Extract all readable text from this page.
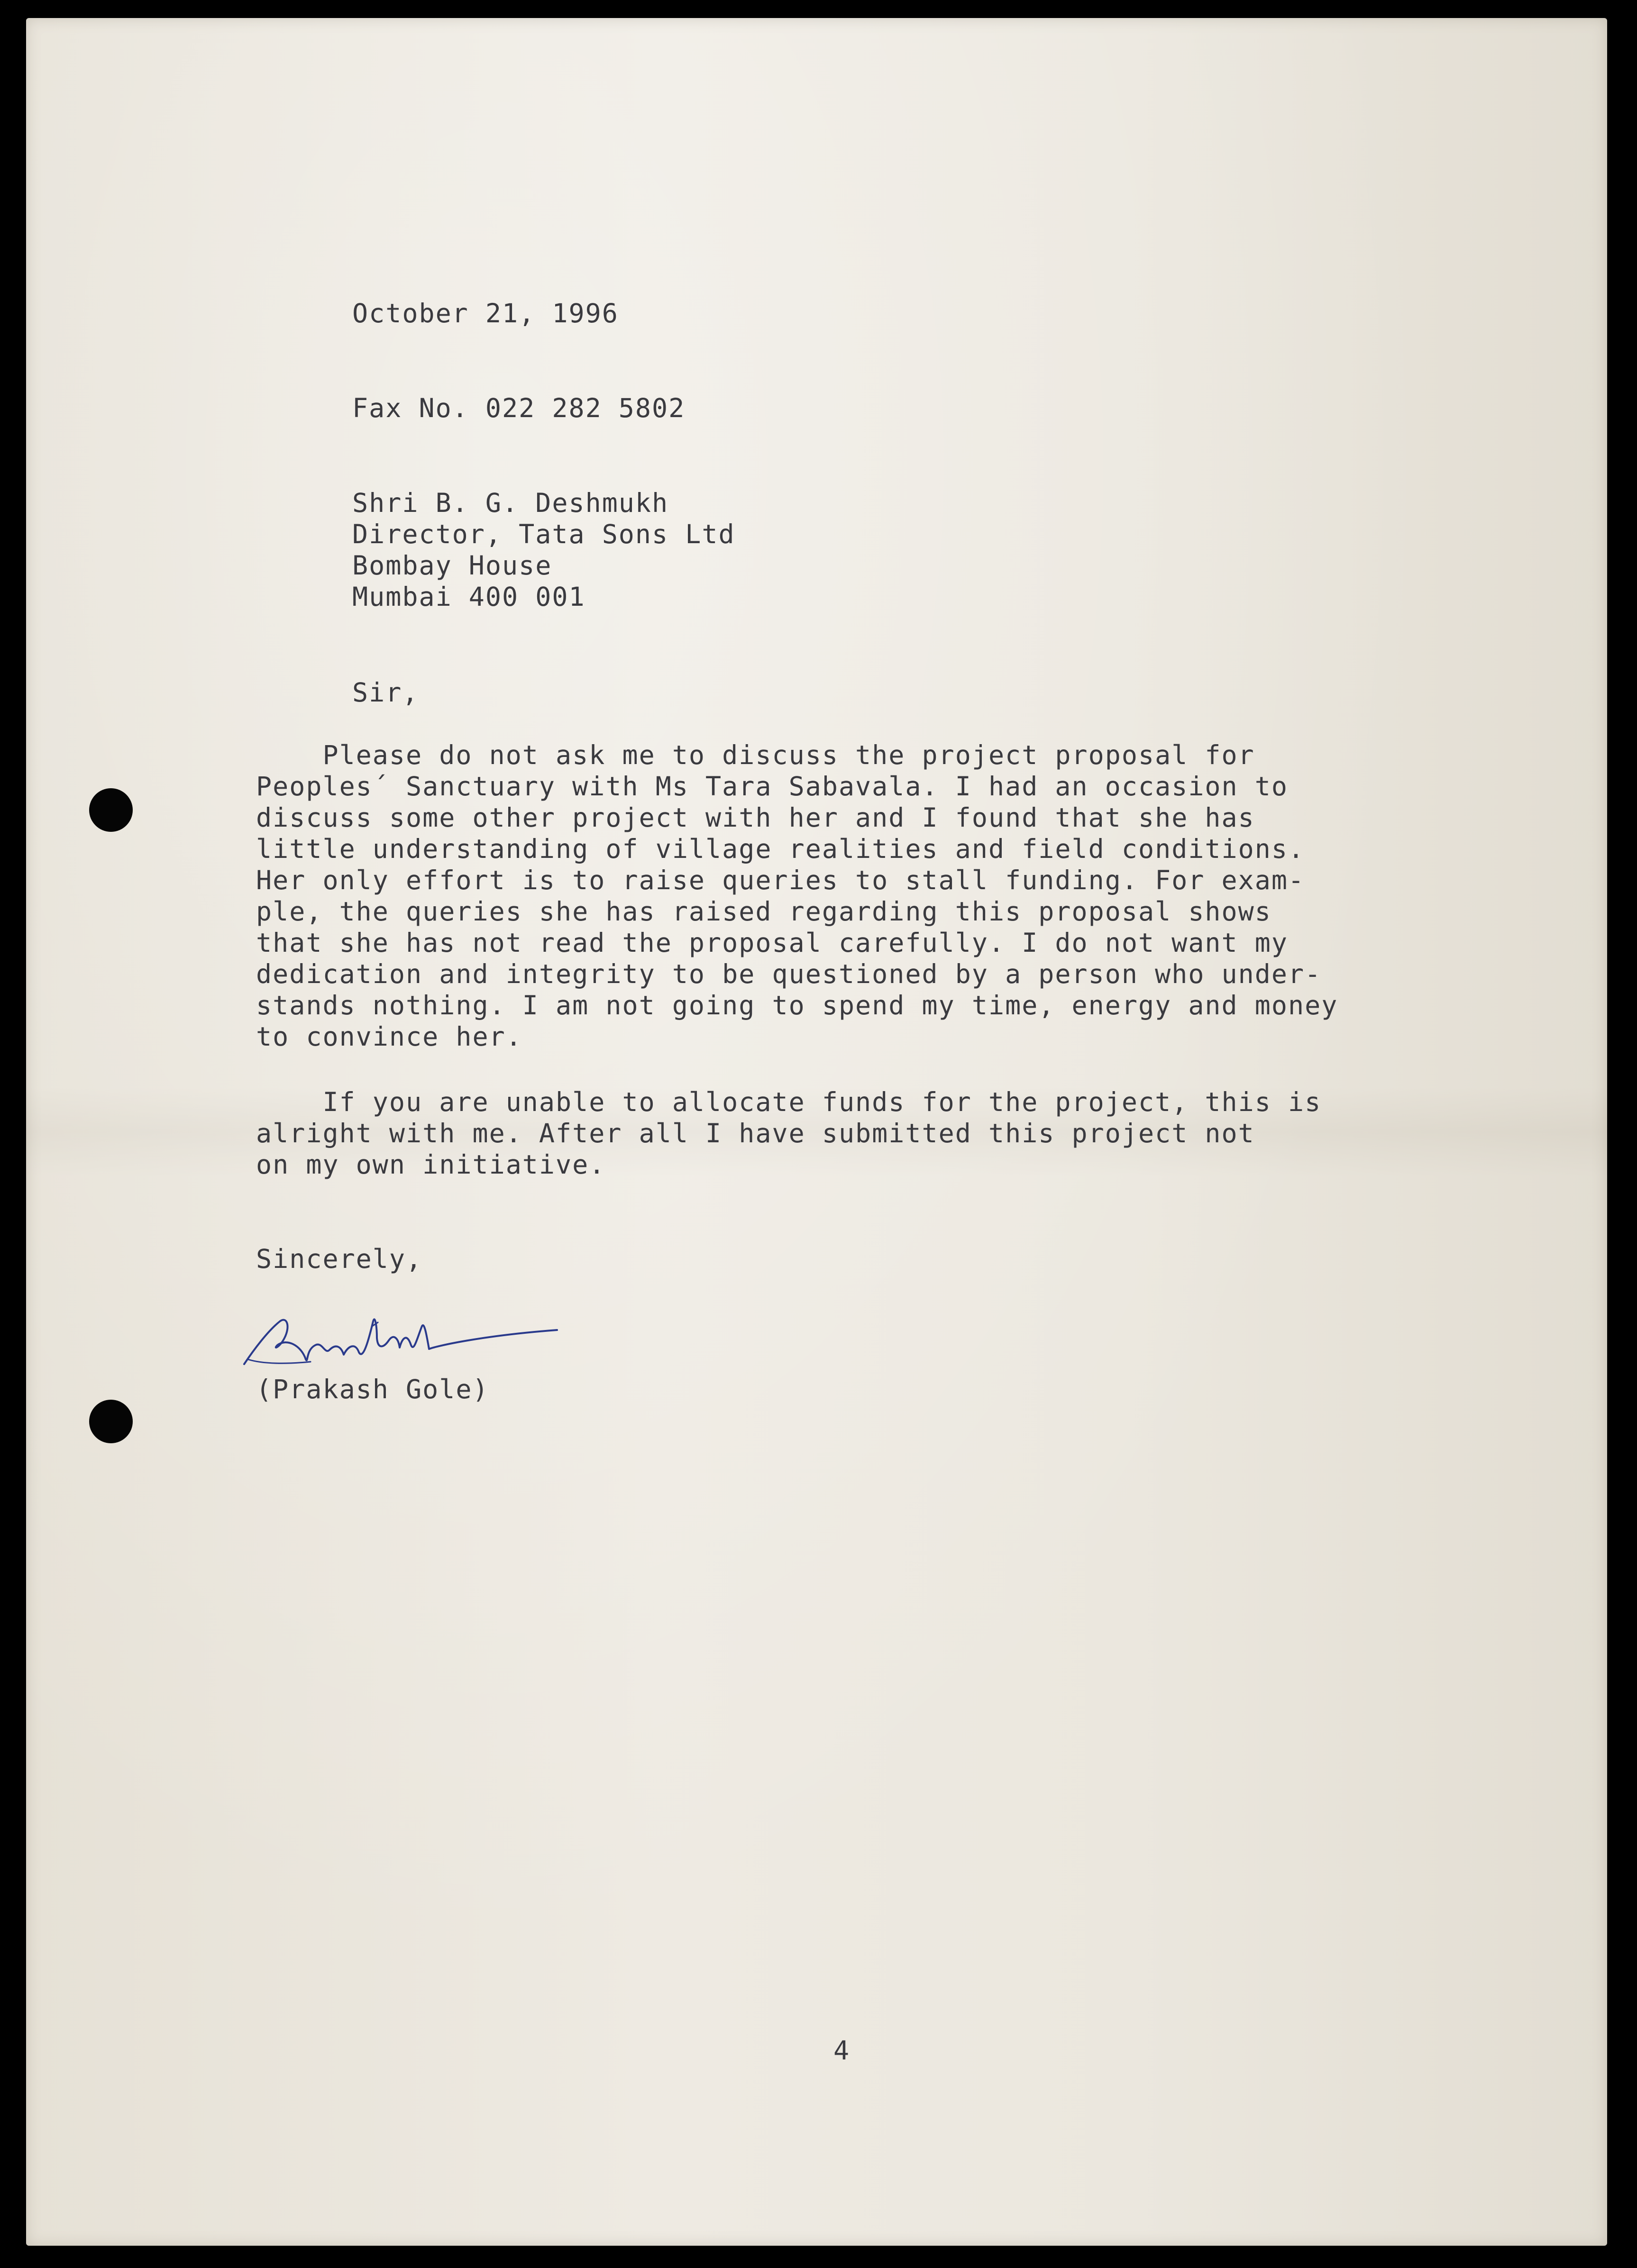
October 21, 1996
Fax No. 022 282 5802
Shri B. G. Deshmukh
Director, Tata Sons Ltd
Bombay House
Mumbai 400 001
Sir,
Please do not ask me to discuss the project proposal for
Peoples´ Sanctuary with Ms Tara Sabavala. I had an occasion to
discuss some other project with her and I found that she has
little understanding of village realities and field conditions.
Her only effort is to raise queries to stall funding. For exam-
ple, the queries she has raised regarding this proposal shows
that she has not read the proposal carefully. I do not want my
dedication and integrity to be questioned by a person who under-
stands nothing. I am not going to spend my time, energy and money
to convince her.
If you are unable to allocate funds for the project, this is
alright with me. After all I have submitted this project not
on my own initiative.
Sincerely,
(Prakash Gole)
4
